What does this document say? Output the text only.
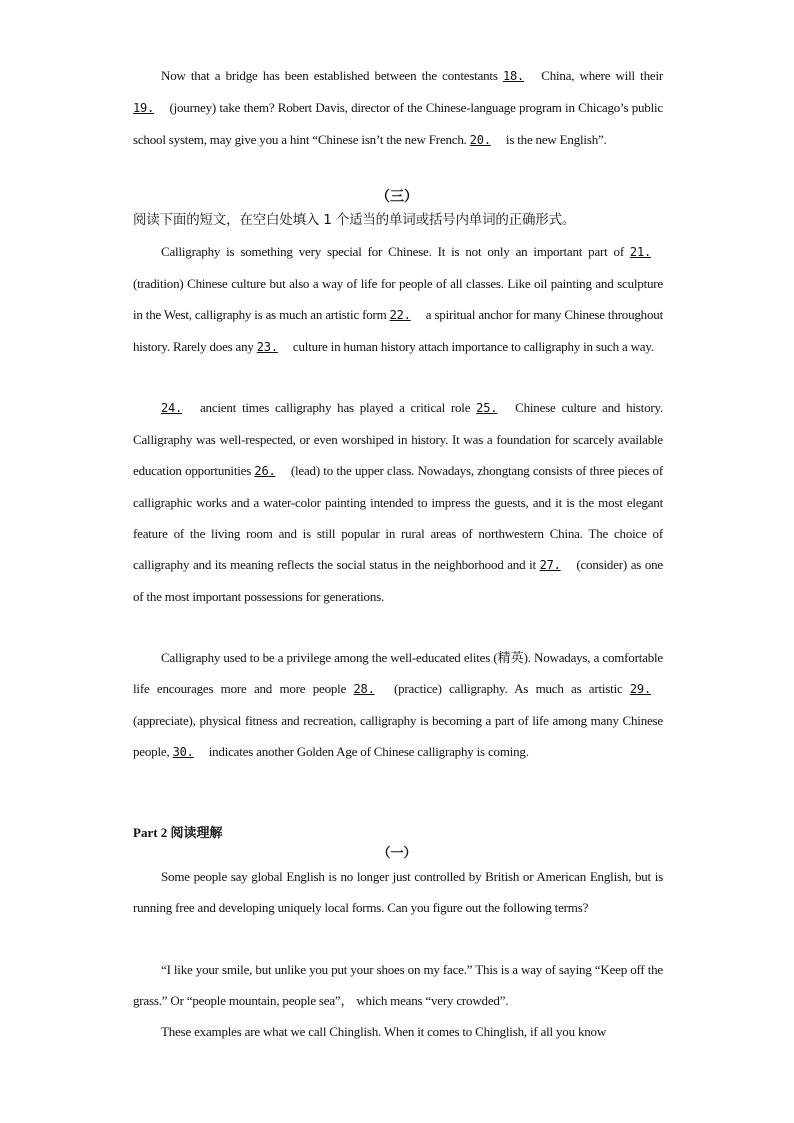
Now that a bridge has been established between the contestants 18. China, where will their 19. (journey) take them? Robert Davis, director of the Chinese-language program in Chicago’s public school system, may give you a hint “Chinese isn’t the new French. 20. is the new English”.
（三）
阅读下面的短文，在空白处填入 1 个适当的单词或括号内单词的正确形式。
Calligraphy is something very special for Chinese. It is not only an important part of 21. (tradition) Chinese culture but also a way of life for people of all classes. Like oil painting and sculpture in the West, calligraphy is as much an artistic form 22. a spiritual anchor for many Chinese throughout history. Rarely does any 23. culture in human history attach importance to calligraphy in such a way.
24. ancient times calligraphy has played a critical role 25. Chinese culture and history. Calligraphy was well-respected, or even worshiped in history. It was a foundation for scarcely available education opportunities 26. (lead) to the upper class. Nowadays, zhongtang consists of three pieces of calligraphic works and a water-color painting intended to impress the guests, and it is the most elegant feature of the living room and is still popular in rural areas of northwestern China. The choice of calligraphy and its meaning reflects the social status in the neighborhood and it 27. (consider) as one of the most important possessions for generations.
Calligraphy used to be a privilege among the well-educated elites (精英). Nowadays, a comfortable life encourages more and more people 28. (practice) calligraphy. As much as artistic 29. (appreciate), physical fitness and recreation, calligraphy is becoming a part of life among many Chinese people, 30. indicates another Golden Age of Chinese calligraphy is coming.
Part 2 阅读理解
（一）
Some people say global English is no longer just controlled by British or American English, but is running free and developing uniquely local forms. Can you figure out the following terms?
“I like your smile, but unlike you put your shoes on my face.” This is a way of saying “Keep off the grass.” Or “people mountain, people sea”， which means “very crowded”.
These examples are what we call Chinglish. When it comes to Chinglish, if all you know
